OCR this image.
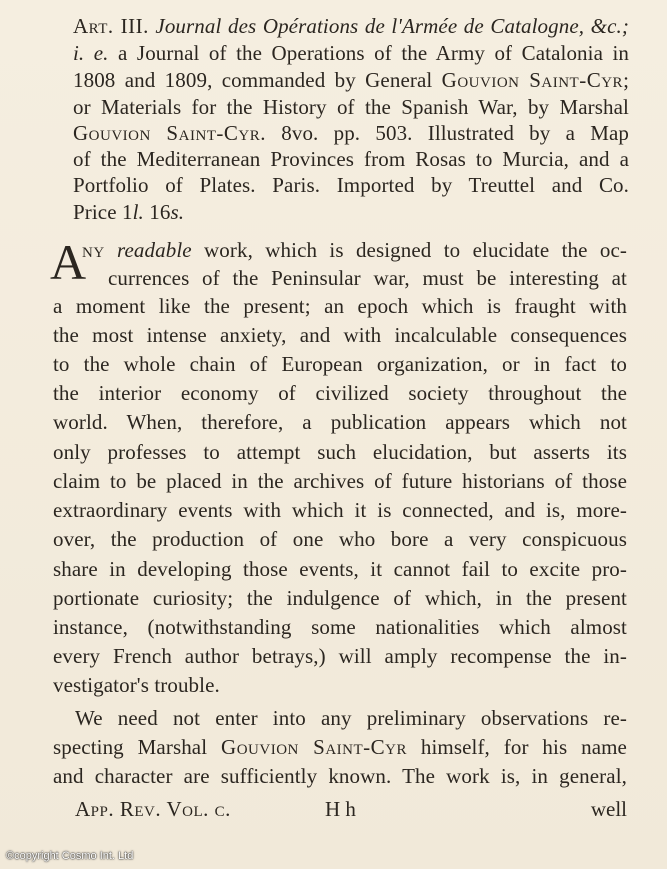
Art. III. Journal des Opérations de l'Armée de Catalogne, &c.;
i. e. a Journal of the Operations of the Army of Catalonia in
1808 and 1809, commanded by General Gouvion Saint-Cyr;
or Materials for the History of the Spanish War, by Marshal
Gouvion Saint-Cyr. 8vo. pp. 503. Illustrated by a Map
of the Mediterranean Provinces from Rosas to Murcia, and a
Portfolio of Plates. Paris. Imported by Treuttel and Co.
Price 1l. 16s.
A
ny readable work, which is designed to elucidate the oc-
currences of the Peninsular war, must be interesting at
a moment like the present; an epoch which is fraught with
the most intense anxiety, and with incalculable consequences
to the whole chain of European organization, or in fact to
the interior economy of civilized society throughout the
world. When, therefore, a publication appears which not
only professes to attempt such elucidation, but asserts its
claim to be placed in the archives of future historians of those
extraordinary events with which it is connected, and is, more-
over, the production of one who bore a very conspicuous
share in developing those events, it cannot fail to excite pro-
portionate curiosity; the indulgence of which, in the present
instance, (notwithstanding some nationalities which almost
every French author betrays,) will amply recompense the in-
vestigator's trouble.
We need not enter into any preliminary observations re-
specting Marshal Gouvion Saint-Cyr himself, for his name
and character are sufficiently known. The work is, in general,
App. Rev. Vol. c.	H h	well
©copyright Cosmo Int. Ltd
